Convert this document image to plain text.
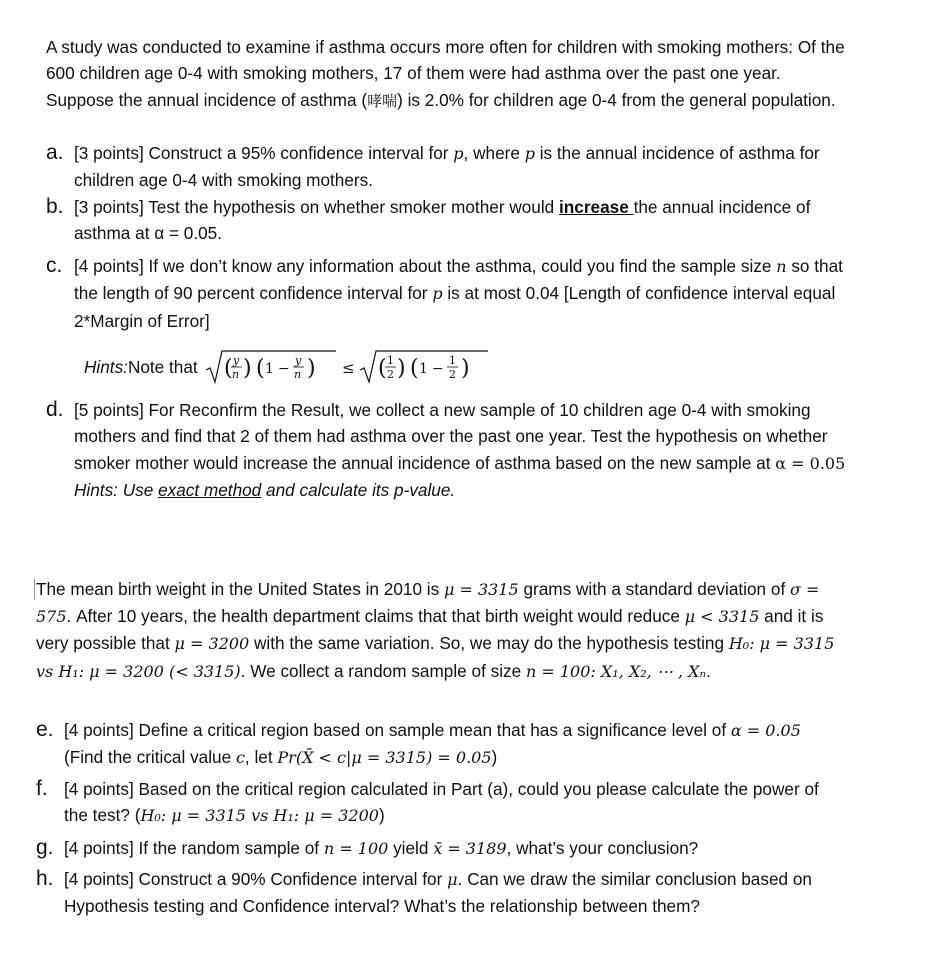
A study was conducted to examine if asthma occurs more often for children with smoking mothers: Of the 600 children age 0-4 with smoking mothers, 17 of them were had asthma over the past one year. Suppose the annual incidence of asthma (哮喘) is 2.0% for children age 0-4 from the general population.
a. [3 points] Construct a 95% confidence interval for p, where p is the annual incidence of asthma for children age 0-4 with smoking mothers.
b. [3 points] Test the hypothesis on whether smoker mother would increase the annual incidence of asthma at α = 0.05.
c. [4 points] If we don’t know any information about the asthma, could you find the sample size n so that the length of 90 percent confidence interval for p is at most 0.04 [Length of confidence interval equal 2*Margin of Error]
Hints: Note that ( y
n ) ( 1 −
y
n ) ≤ ( 1
2 ) ( 1 −
1
2 )
d. [5 points] For Reconfirm the Result, we collect a new sample of 10 children age 0-4 with smoking mothers and find that 2 of them had asthma over the past one year. Test the hypothesis on whether smoker mother would increase the annual incidence of asthma based on the new sample at α = 0.05 Hints: Use exact method and calculate its p-value.
The mean birth weight in the United States in 2010 is μ = 3315 grams with a standard deviation of σ = 575. After 10 years, the health department claims that that birth weight would reduce μ < 3315 and it is very possible that μ = 3200 with the same variation. So, we may do the hypothesis testing H₀: μ = 3315 vs H₁: μ = 3200 (< 3315). We collect a random sample of size n = 100: X₁, X₂, ⋯ , Xₙ.
e. [4 points] Define a critical region based on sample mean that has a significance level of α = 0.05 (Find the critical value c, let Pr(X̄ < c|μ = 3315) = 0.05)
f. [4 points] Based on the critical region calculated in Part (a), could you please calculate the power of the test? (H₀: μ = 3315 vs H₁: μ = 3200)
g. [4 points] If the random sample of n = 100 yield x̄ = 3189, what’s your conclusion?
h. [4 points] Construct a 90% Confidence interval for μ. Can we draw the similar conclusion based on Hypothesis testing and Confidence interval? What’s the relationship between them?
